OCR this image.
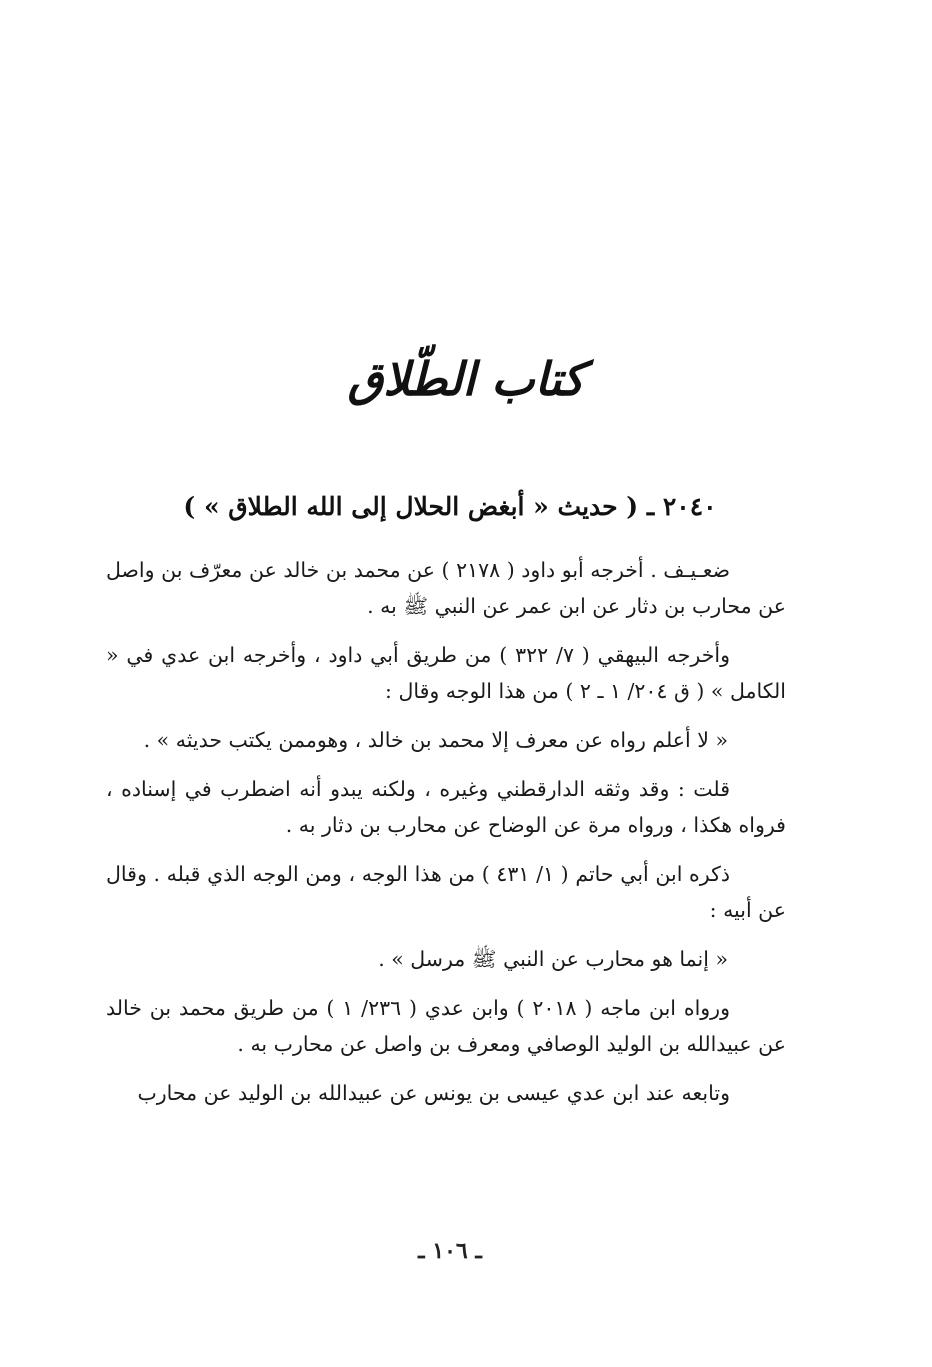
كتاب الطّلاق
٢٠٤٠ ـ ( حديث « أبغض الحلال إلى الله الطلاق » )

ضعـيـف . أخرجه أبو داود ( ٢١٧٨ ) عن محمد بن خالد عن معرّف بن واصل عن محارب بن دثار عن ابن عمر عن النبي ﷺ به .

وأخرجه البيهقي ( ٧/ ٣٢٢ ) من طريق أبي داود ، وأخرجه ابن عدي في « الكامل » ( ق ٢٠٤/ ١ ـ ٢ ) من هذا الوجه وقال :

« لا أعلم رواه عن معرف إلا محمد بن خالد ، وهوممن يكتب حديثه » .

قلت : وقد وثقه الدارقطني وغيره ، ولكنه يبدو أنه اضطرب في إسناده ، فرواه هكذا ، ورواه مرة عن الوضاح عن محارب بن دثار به .

ذكره ابن أبي حاتم ( ١/ ٤٣١ ) من هذا الوجه ، ومن الوجه الذي قبله . وقال عن أبيه :

« إنما هو محارب عن النبي ﷺ مرسل » .

ورواه ابن ماجه ( ٢٠١٨ ) وابن عدي ( ٢٣٦/ ١ ) من طريق محمد بن خالد عن عبيدالله بن الوليد الوصافي ومعرف بن واصل عن محارب به .

وتابعه عند ابن عدي عيسى بن يونس عن عبيدالله بن الوليد عن محارب

ـ ١٠٦ ـ
